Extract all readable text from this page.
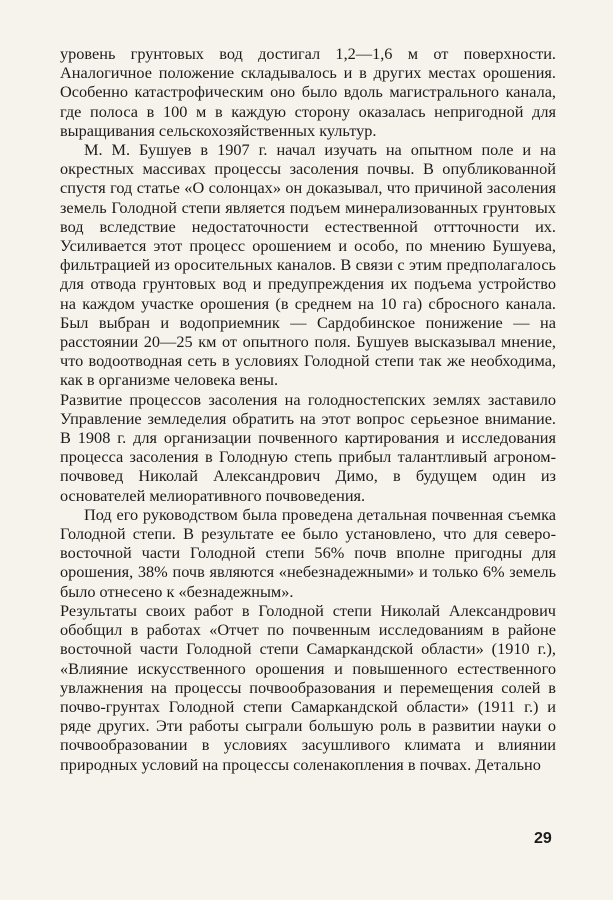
уровень грунтовых вод достигал 1,2—1,6 м от поверхности. Аналогичное положение складывалось и в других местах орошения. Особенно катастрофическим оно было вдоль магистрального канала, где полоса в 100 м в каждую сторону оказалась непригодной для выращивания сельскохозяйственных культур.

М. М. Бушуев в 1907 г. начал изучать на опытном поле и на окрестных массивах процессы засоления почвы. В опубликованной спустя год статье «О солонцах» он доказывал, что причиной засоления земель Голодной степи является подъем минерализованных грунтовых вод вследствие недостаточности естественной оттточности их. Усиливается этот процесс орошением и особо, по мнению Бушуева, фильтрацией из оросительных каналов. В связи с этим предполагалось для отвода грунтовых вод и предупреждения их подъема устройство на каждом участке орошения (в среднем на 10 га) сбросного канала. Был выбран и водоприемник — Сардобинское понижение — на расстоянии 20—25 км от опытного поля. Бушуев высказывал мнение, что водоотводная сеть в условиях Голодной степи так же необходима, как в организме человека вены.

Развитие процессов засоления на голодностепских землях заставило Управление земледелия обратить на этот вопрос серьезное внимание. В 1908 г. для организации почвенного картирования и исследования процесса засоления в Голодную степь прибыл талантливый агроном-почвовед Николай Александрович Димо, в будущем один из основателей мелиоративного почвоведения.

Под его руководством была проведена детальная почвенная съемка Голодной степи. В результате ее было установлено, что для северо-восточной части Голодной степи 56% почв вполне пригодны для орошения, 38% почв являются «небезнадежными» и только 6% земель было отнесено к «безнадежным».

Результаты своих работ в Голодной степи Николай Александрович обобщил в работах «Отчет по почвенным исследованиям в районе восточной части Голодной степи Самаркандской области» (1910 г.), «Влияние искусственного орошения и повышенного естественного увлажнения на процессы почвообразования и перемещения солей в почво-грунтах Голодной степи Самаркандской области» (1911 г.) и ряде других. Эти работы сыграли большую роль в развитии науки о почвообразовании в условиях засушливого климата и влиянии природных условий на процессы соленакопления в почвах. Детально

29
